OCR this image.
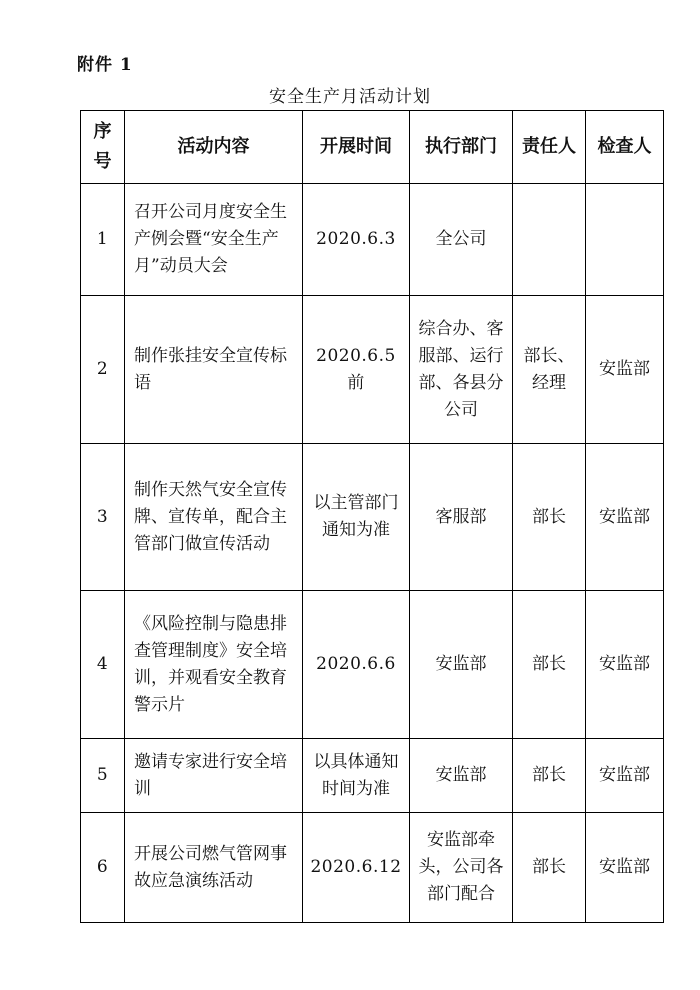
附件 1
安全生产月活动计划
序号	活动内容	开展时间	执行部门	责任人	检查人
1	召开公司月度安全生产例会暨“安全生产月”动员大会	2020.6.3	全公司		
2	制作张挂安全宣传标语	2020.6.5前	综合办、客服部、运行部、各县分公司	部长、经理	安监部
3	制作天然气安全宣传牌、宣传单，配合主管部门做宣传活动	以主管部门通知为准	客服部	部长	安监部
4	《风险控制与隐患排查管理制度》安全培训，并观看安全教育警示片	2020.6.6	安监部	部长	安监部
5	邀请专家进行安全培训	以具体通知时间为准	安监部	部长	安监部
6	开展公司燃气管网事故应急演练活动	2020.6.12	安监部牵头，公司各部门配合	部长	安监部
